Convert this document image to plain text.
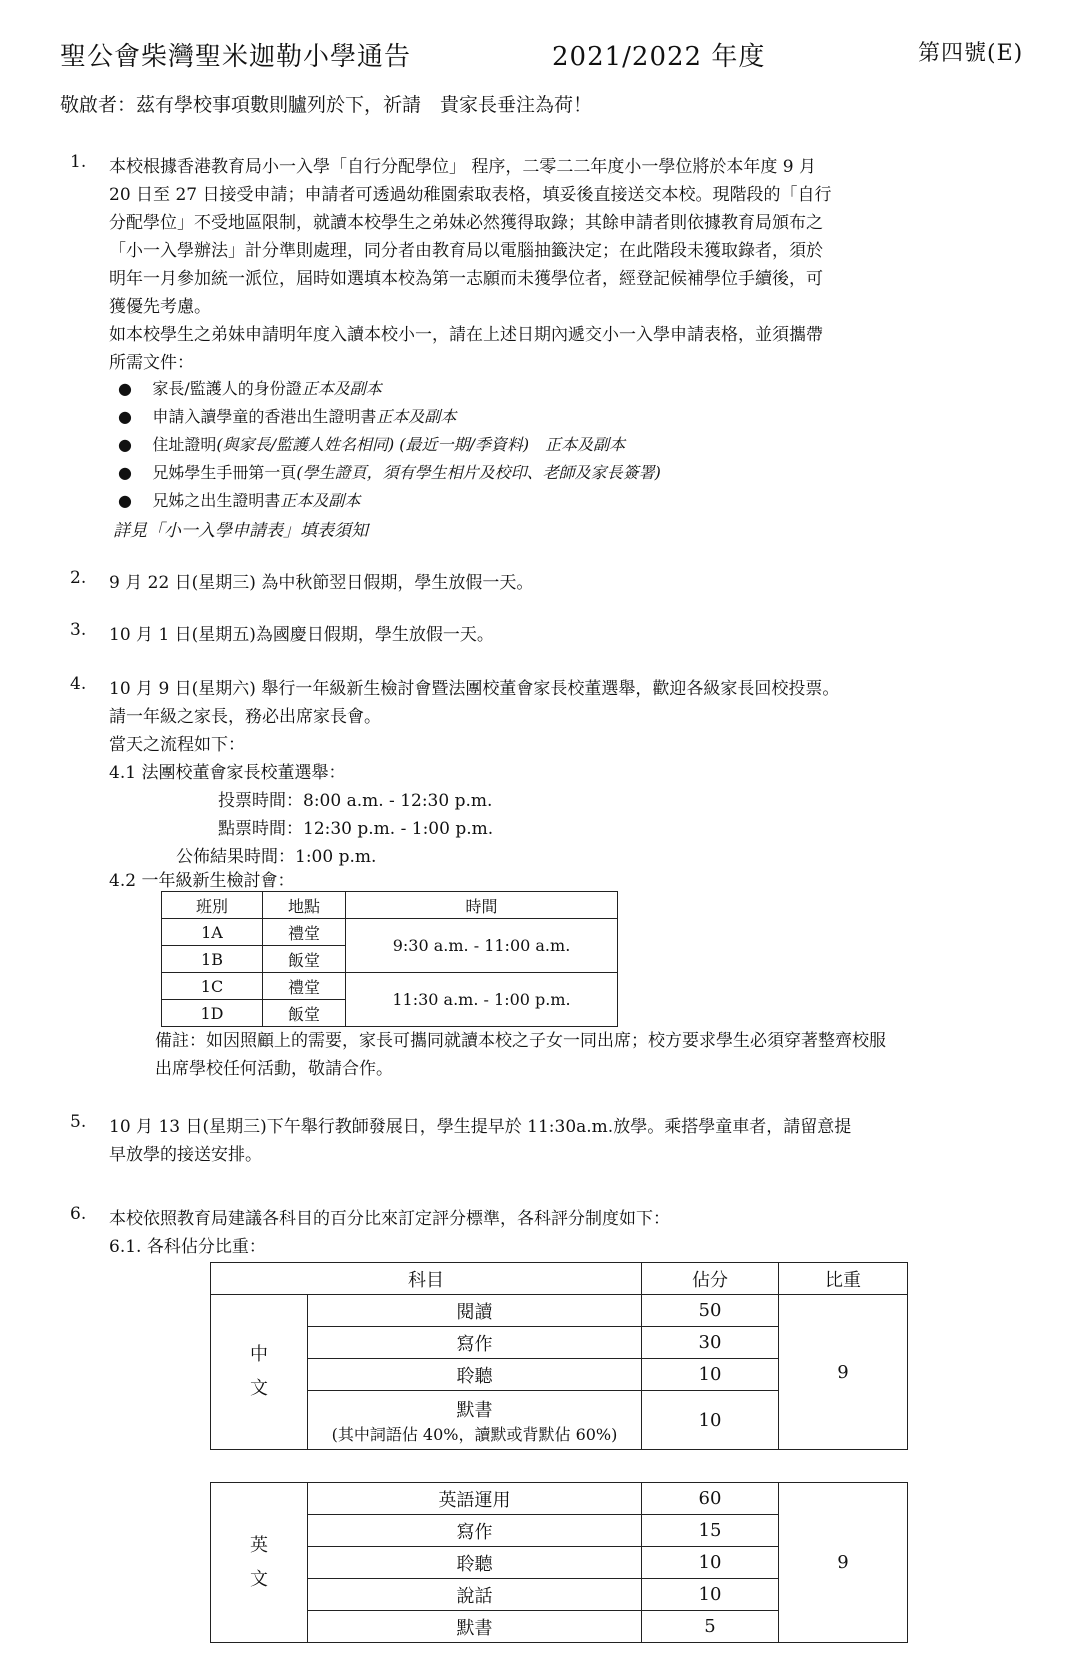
聖公會柴灣聖米迦勒小學通告	2021/2022 年度	第四號(E)
敬啟者：茲有學校事項數則臚列於下，祈請　貴家長垂注為荷！
1. 本校根據香港教育局小一入學「自行分配學位」 程序，二零二二年度小一學位將於本年度 9 月
20 日至 27 日接受申請；申請者可透過幼稚園索取表格，填妥後直接送交本校。現階段的「自行
分配學位」不受地區限制，就讀本校學生之弟妹必然獲得取錄；其餘申請者則依據教育局頒布之
「小一入學辦法」計分準則處理，同分者由教育局以電腦抽籤決定；在此階段未獲取錄者，須於
明年一月參加統一派位，屆時如選填本校為第一志願而未獲學位者，經登記候補學位手續後，可
獲優先考慮。
如本校學生之弟妹申請明年度入讀本校小一，請在上述日期內遞交小一入學申請表格，並須攜帶
所需文件：
●    家長/監護人的身份證正本及副本
●    申請入讀學童的香港出生證明書正本及副本
●    住址證明(與家長/監護人姓名相同) (最近一期/季資料)　正本及副本
●    兄姊學生手冊第一頁(學生證頁，須有學生相片及校印、老師及家長簽署)
●    兄姊之出生證明書正本及副本
詳見「小一入學申請表」填表須知
2. 9 月 22 日(星期三) 為中秋節翌日假期，學生放假一天。
3. 10 月 1 日(星期五)為國慶日假期，學生放假一天。
4. 10 月 9 日(星期六) 舉行一年級新生檢討會暨法團校董會家長校董選舉，歡迎各級家長回校投票。
請一年級之家長，務必出席家長會。
當天之流程如下：
4.1 法團校董會家長校董選舉：
投票時間：8:00 a.m. - 12:30 p.m.
點票時間：12:30 p.m. - 1:00 p.m.
公佈結果時間：1:00 p.m.
4.2 一年級新生檢討會：
班別	地點	時間
1A	禮堂	9:30 a.m. - 11:00 a.m.
1B	飯堂	
1C	禮堂	11:30 a.m. - 1:00 p.m.
1D	飯堂	
備註：如因照顧上的需要，家長可攜同就讀本校之子女一同出席；校方要求學生必須穿著整齊校服
出席學校任何活動，敬請合作。
5. 10 月 13 日(星期三)下午舉行教師發展日，學生提早於 11:30a.m.放學。乘搭學童車者，請留意提
早放學的接送安排。
6. 本校依照教育局建議各科目的百分比來訂定評分標準，各科評分制度如下：
6.1. 各科佔分比重：
科目		佔分	比重
中
文	閱讀	50	9
	寫作	30	
	聆聽	10	

	默書
(其中詞語佔 40%，讀默或背默佔 60%)	10	
英
文	英語運用	60	9
	寫作	15	
	聆聽	10	
	說話	10	
	默書	5	
